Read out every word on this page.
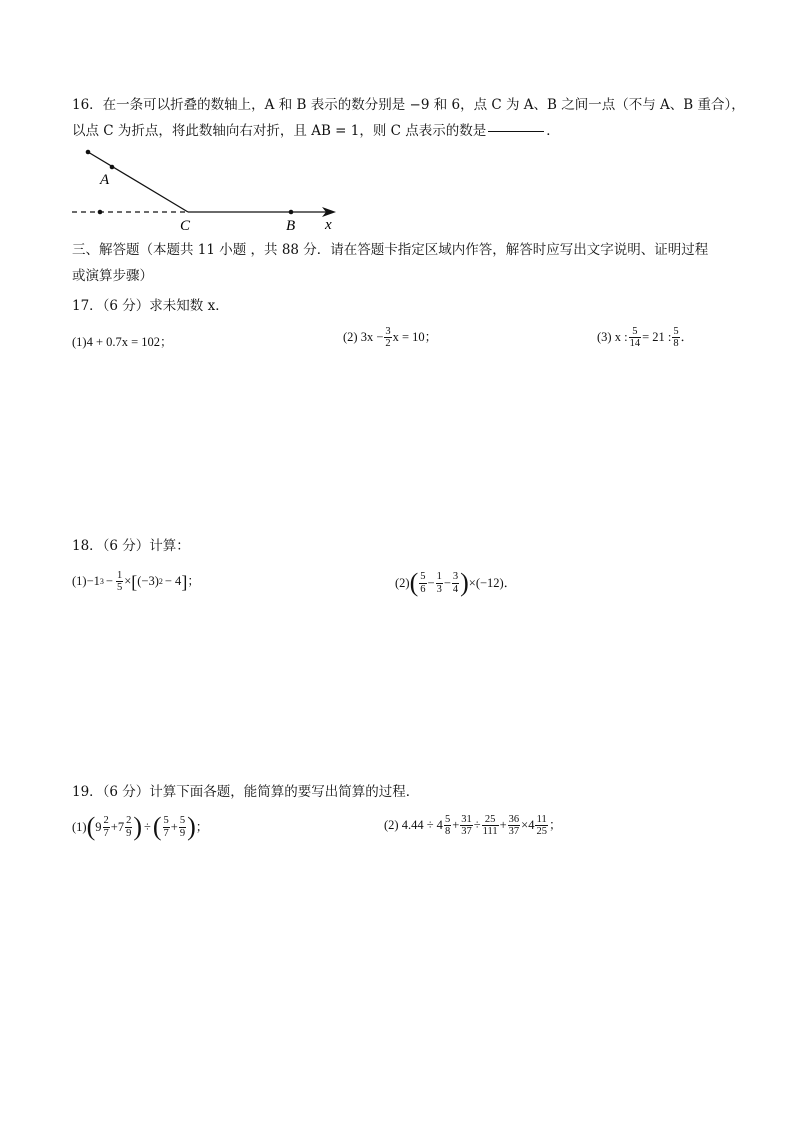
16．在一条可以折叠的数轴上，A 和 B 表示的数分别是 −9 和 6，点 C 为 A、B 之间一点（不与 A、B 重合），
以点 C 为折点，将此数轴向右对折，且 AB = 1，则 C 点表示的数是	．
A
C	B x
三、解答题（本题共 11 小题 ，共 88 分．请在答题卡指定区域内作答，解答时应写出文字说明、证明过程
或演算步骤）
17．（6 分）求未知数 x．
(1)4 + 0.7x = 102；	(2) $3x - \frac{3}{2}$ x = 10；	(3) x : $\frac{5}{14} = 21$ : $\frac{5}{8}$ ．
18．（6 分）计算：
(1)−1 $3 - \frac{1}{5}$ × [ (−3) 2 − 4 ] ；	(2) ( $\frac{5}{6} - \frac{1}{3} - \frac{3}{4}$ ) ×(−12)．
19．（6 分）计算下面各题，能简算的要写出简算的过程．
(1) ( $9 \frac{2}{7} + 7 \frac{2}{9}$ ) ÷ ( $\frac{5}{7} + \frac{5}{9}$ ) ；	(2) $4.44 \div 4 \frac{5}{8} + \frac{31}{37} \div \frac{25}{111} + \frac{36}{37} \times 4 \frac{11}{25}$ ；
